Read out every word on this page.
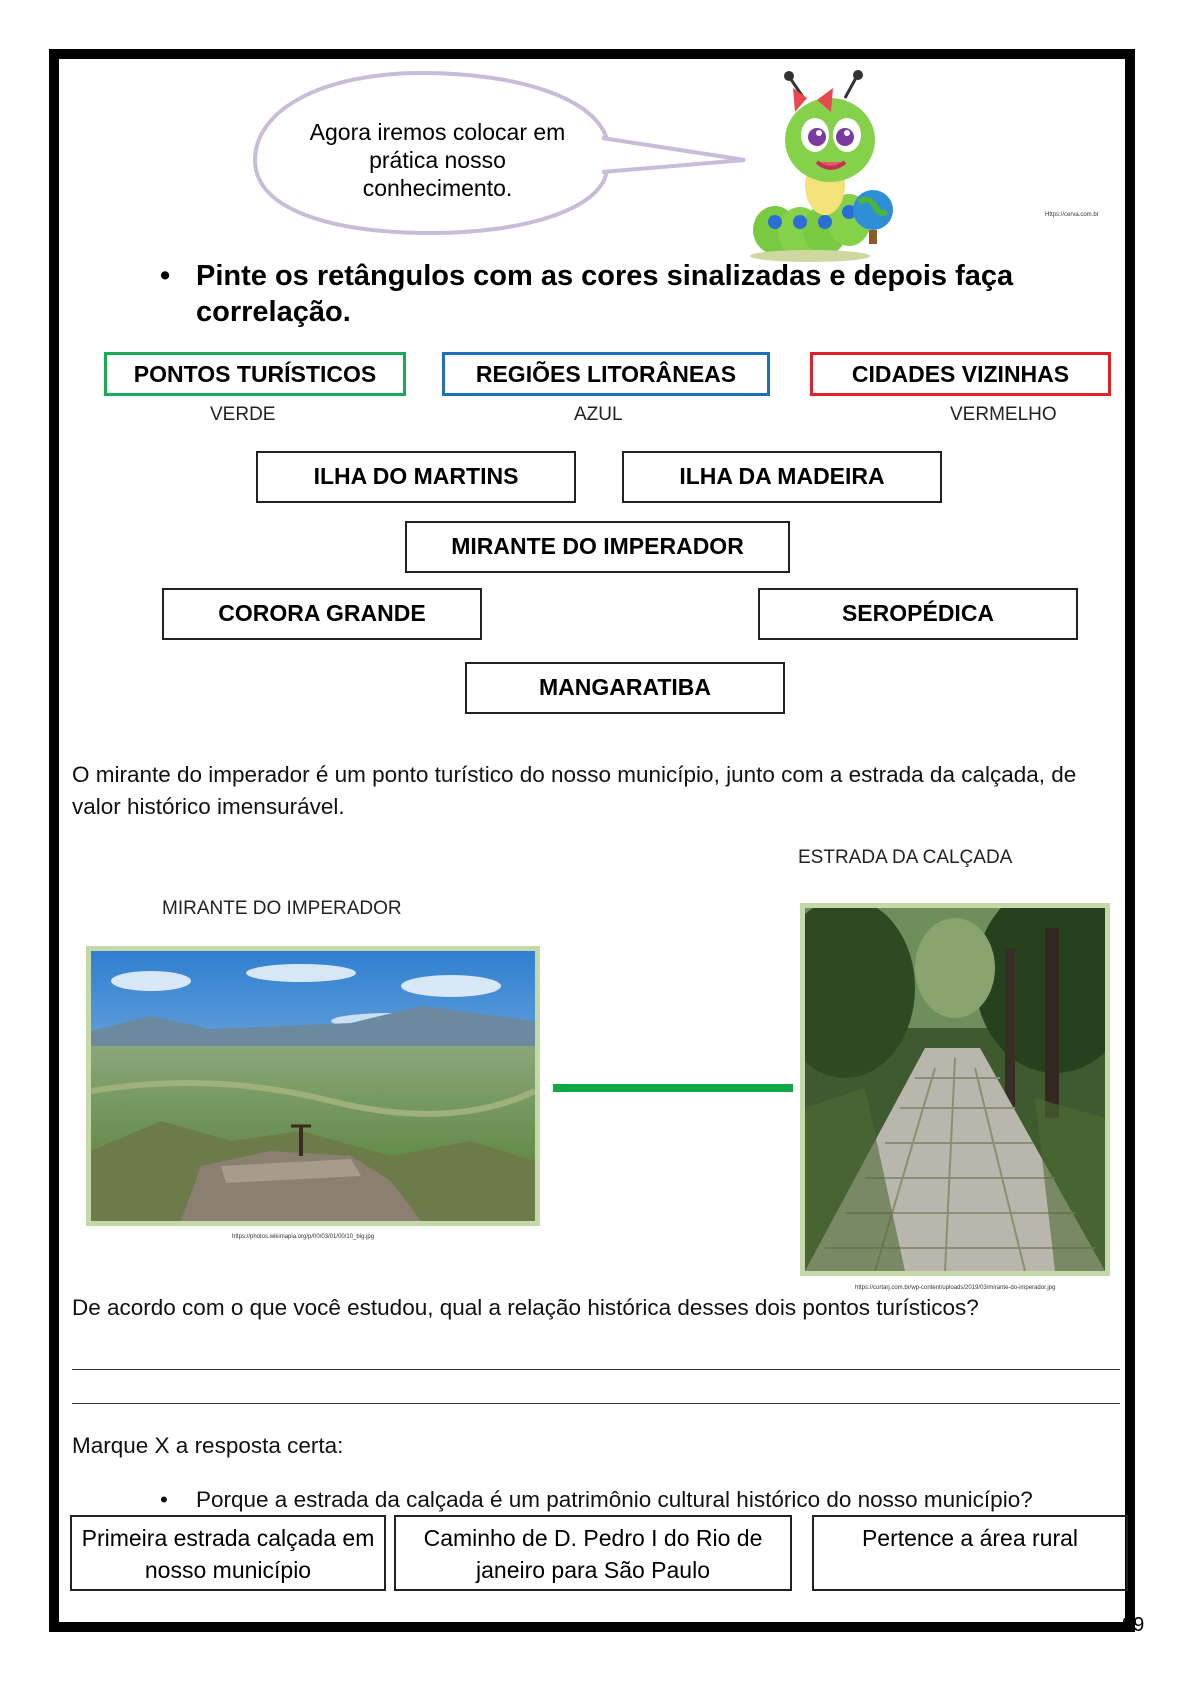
Agora iremos colocar em prática nosso conhecimento.
Https://cerva.com.br
• Pinte os retângulos com as cores sinalizadas e depois faça correlação.
PONTOS TURÍSTICOS
VERDE
REGIÕES LITORÂNEAS
AZUL
CIDADES VIZINHAS
VERMELHO
ILHA DO MARTINS	ILHA DA MADEIRA
MIRANTE DO IMPERADOR
CORORA GRANDE	SEROPÉDICA
MANGARATIBA
O mirante do imperador é um ponto turístico do nosso município, junto com a estrada da calçada, de valor histórico imensurável.
MIRANTE DO IMPERADOR
ESTRADA DA CALÇADA
https://photos.wikimapia.org/p/00/03/01/00/10_big.jpg
https://curtarj.com.br/wp-content/uploads/2019/03/mirante-do-imperador.jpg
De acordo com o que você estudou, qual a relação histórica desses dois pontos turísticos?
Marque X a resposta certa:
• Porque a estrada da calçada é um patrimônio cultural histórico do nosso município?
Primeira estrada calçada em nosso município
Caminho de D. Pedro I do Rio de janeiro para São Paulo
Pertence a área rural
99
